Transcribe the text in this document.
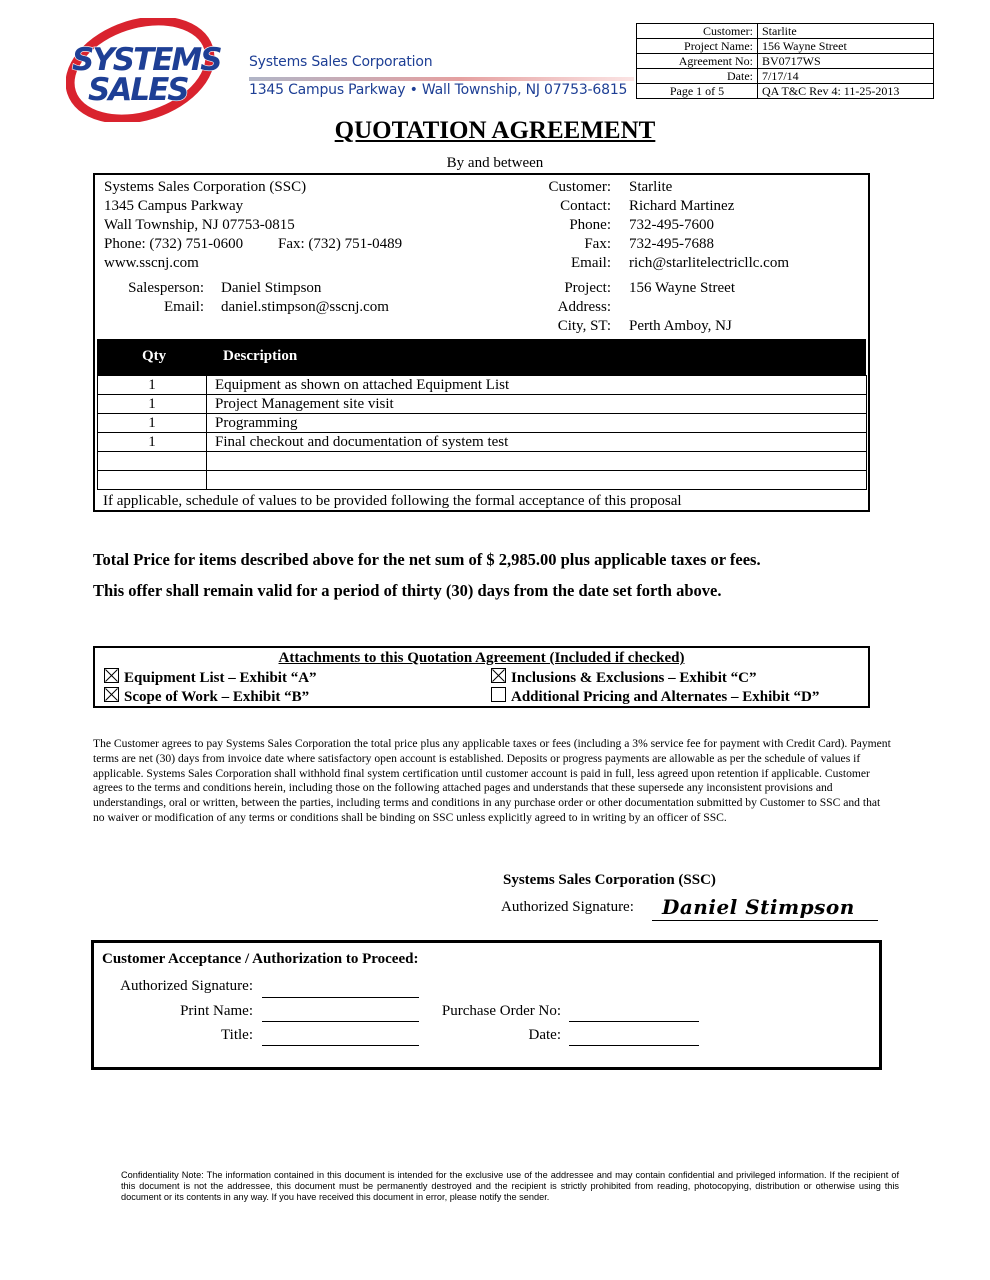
SYSTEMS
SALES
Systems Sales Corporation
1345 Campus Parkway • Wall Township, NJ 07753-6815
Customer:	Starlite
Project Name:	156 Wayne Street
Agreement No:	BV0717WS
Date:	7/17/14
Page 1 of 5	QA T&C Rev 4: 11-25-2013
QUOTATION AGREEMENT
By and between
Systems Sales Corporation (SSC)
1345 Campus Parkway
Wall Township, NJ 07753-0815
Phone: (732) 751-0600 Fax: (732) 751-0489
www.sscnj.com
Salesperson: Daniel Stimpson
Email: daniel.stimpson@sscnj.com
Customer: Starlite
Contact: Richard Martinez
Phone: 732-495-7600
Fax: 732-495-7688
Email: rich@starlitelectricllc.com
Project: 156 Wayne Street
Address:
City, ST: Perth Amboy, NJ
Qty	Description
1	Equipment as shown on attached Equipment List
1	Project Management site visit
1	Programming
1	Final checkout and documentation of system test

If applicable, schedule of values to be provided following the formal acceptance of this proposal
Total Price for items described above for the net sum of $ 2,985.00 plus applicable taxes or fees.
This offer shall remain valid for a period of thirty (30) days from the date set forth above.
Attachments to this Quotation Agreement (Included if checked)
Equipment List – Exhibit “A”
Scope of Work – Exhibit “B”
Inclusions & Exclusions – Exhibit “C”
Additional Pricing and Alternates – Exhibit “D”
The Customer agrees to pay Systems Sales Corporation the total price plus any applicable taxes or fees (including a 3% service fee for payment with Credit Card). Payment terms are net (30) days from invoice date where satisfactory open account is established. Deposits or progress payments are allowable as per the schedule of values if applicable. Systems Sales Corporation shall withhold final system certification until customer account is paid in full, less agreed upon retention if applicable. Customer agrees to the terms and conditions herein, including those on the following attached pages and understands that these supersede any inconsistent provisions and understandings, oral or written, between the parties, including terms and conditions in any purchase order or other documentation submitted by Customer to SSC and that no waiver or modification of any terms or conditions shall be binding on SSC unless explicitly agreed to in writing by an officer of SSC.
Systems Sales Corporation (SSC)
Authorized Signature: Daniel Stimpson
Customer Acceptance / Authorization to Proceed:
Authorized Signature:
Print Name:
Title:
Purchase Order No:
Date:
Confidentiality Note: The information contained in this document is intended for the exclusive use of the addressee and may contain confidential and privileged information. If the recipient of this document is not the addressee, this document must be permanently destroyed and the recipient is strictly prohibited from reading, photocopying, distribution or otherwise using this document or its contents in any way. If you have received this document in error, please notify the sender.
